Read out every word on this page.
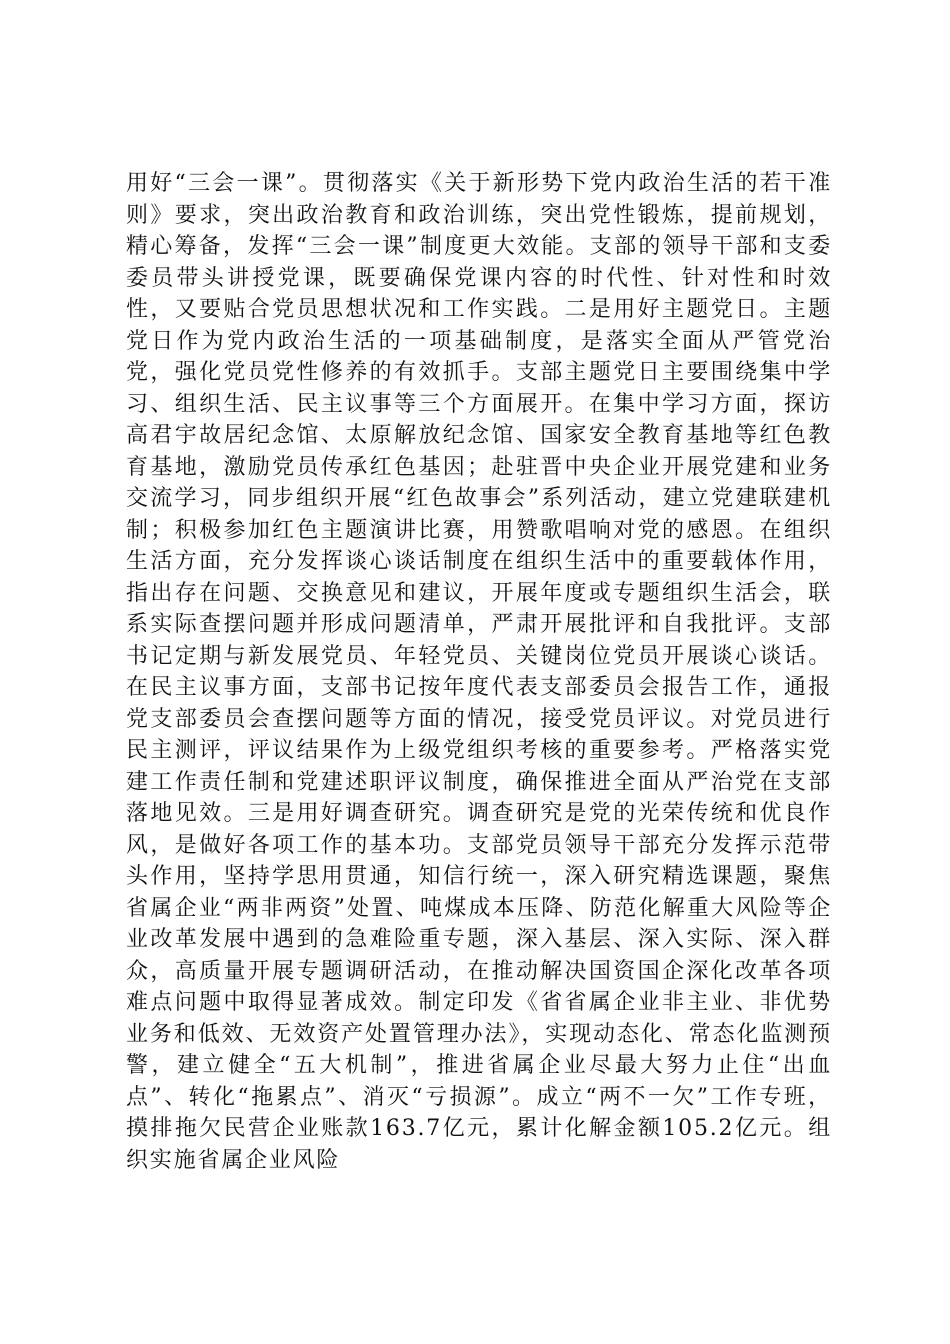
用好“三会一课”。贯彻落实《关于新形势下党内政治生活的若干准则》要求，突出政治教育和政治训练，突出党性锻炼，提前规划，精心筹备，发挥“三会一课”制度更大效能。支部的领导干部和支委委员带头讲授党课，既要确保党课内容的时代性、针对性和时效性，又要贴合党员思想状况和工作实践。二是用好主题党日。主题党日作为党内政治生活的一项基础制度，是落实全面从严管党治党，强化党员党性修养的有效抓手。支部主题党日主要围绕集中学习、组织生活、民主议事等三个方面展开。在集中学习方面，探访高君宇故居纪念馆、太原解放纪念馆、国家安全教育基地等红色教育基地，激励党员传承红色基因；赴驻晋中央企业开展党建和业务交流学习，同步组织开展“红色故事会”系列活动，建立党建联建机制；积极参加红色主题演讲比赛，用赞歌唱响对党的感恩。在组织生活方面，充分发挥谈心谈话制度在组织生活中的重要载体作用，指出存在问题、交换意见和建议，开展年度或专题组织生活会，联系实际查摆问题并形成问题清单，严肃开展批评和自我批评。支部书记定期与新发展党员、年轻党员、关键岗位党员开展谈心谈话。在民主议事方面，支部书记按年度代表支部委员会报告工作，通报党支部委员会查摆问题等方面的情况，接受党员评议。对党员进行民主测评，评议结果作为上级党组织考核的重要参考。严格落实党建工作责任制和党建述职评议制度，确保推进全面从严治党在支部落地见效。三是用好调查研究。调查研究是党的光荣传统和优良作风，是做好各项工作的基本功。支部党员领导干部充分发挥示范带头作用，坚持学思用贯通，知信行统一，深入研究精选课题，聚焦省属企业“两非两资”处置、吨煤成本压降、防范化解重大风险等企业改革发展中遇到的急难险重专题，深入基层、深入实际、深入群众，高质量开展专题调研活动，在推动解决国资国企深化改革各项难点问题中取得显著成效。制定印发《省省属企业非主业、非优势业务和低效、无效资产处置管理办法》，实现动态化、常态化监测预警，建立健全“五大机制”，推进省属企业尽最大努力止住“出血点”、转化“拖累点”、消灭“亏损源”。成立“两不一欠”工作专班，摸排拖欠民营企业账款163.7亿元，累计化解金额105.2亿元。组织实施省属企业风险
